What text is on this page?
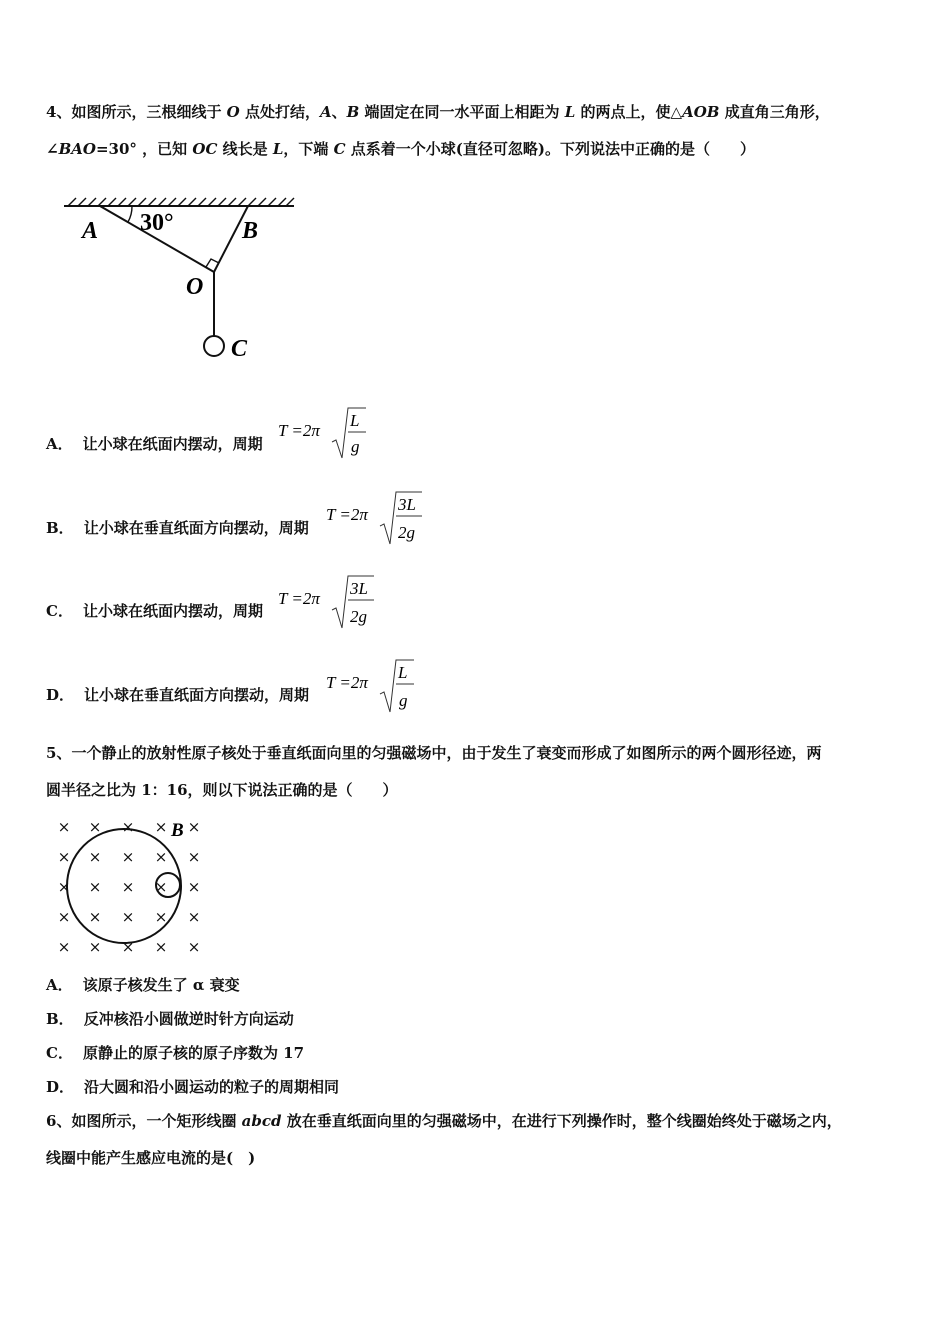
4、如图所示，三根细线于 O 点处打结，A、B 端固定在同一水平面上相距为 L 的两点上，使△AOB 成直角三角形，
∠BAO=30° ，已知 OC 线长是 L，下端 C 点系着一个小球(直径可忽略)。下列说法中正确的是（　　）
A 30°	B
O
C
A． 让小球在纸面内摆动，周期
T =2π
L
g
B． 让小球在垂直纸面方向摆动，周期
T =2π
3L
2g
C． 让小球在纸面内摆动，周期
T =2π
3L
2g
D． 让小球在垂直纸面方向摆动，周期
T =2π
L
g
5、一个静止的放射性原子核处于垂直纸面向里的匀强磁场中，由于发生了衰变而形成了如图所示的两个圆形径迹，两
圆半径之比为 1：16，则以下说法正确的是（　　）
× × × × ×
× × × × ×
× × × × ×
× × × × ×
× × × × ×
B
A． 该原子核发生了 α 衰变
B． 反冲核沿小圆做逆时针方向运动
C． 原静止的原子核的原子序数为 17
D． 沿大圆和沿小圆运动的粒子的周期相同
6、如图所示，一个矩形线圈 abcd 放在垂直纸面向里的匀强磁场中，在进行下列操作时，整个线圈始终处于磁场之内，
线圈中能产生感应电流的是(　)
